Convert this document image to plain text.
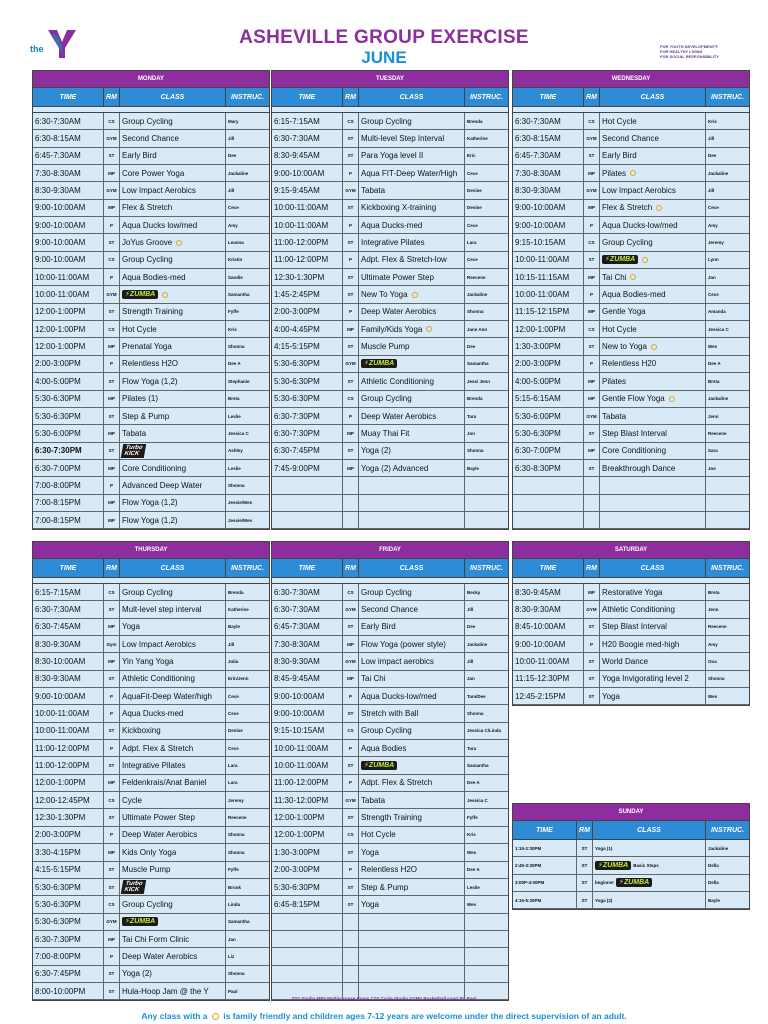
the
ASHEVILLE GROUP EXERCISE
JUNE
FOR YOUTH DEVELOPMENT®
FOR HEALTHY LIVING
FOR SOCIAL RESPONSIBILITY
MONDAY
TIME	RM	CLASS	INSTRUC.
6:30-7:30AM	CS Group Cycling	Mary
6:30-8:15AM	GYM Second Chance	Jill
6:45-7:30AM	ST Early Bird	Dee
7:30-8:30AM	MP Core Power Yoga	Jackaline
8:30-9:30AM	GYM Low Impact Aerobics	Jill
9:00-10:00AM	MP Flex & Stretch	Cece
9:00-10:00AM	P	Aqua Ducks low/med	Amy
9:00-10:00AM	ST JoYus Groove	Leanna
9:00-10:00AM	CS Group Cycling	Kristin
10:00-11:00AM	P	Aqua Bodies-med	Sandie
10:00-11:00AM	GYM	⚡ZUMBA	Samantha
12:00-1:00PM	ST Strength Training	Fyffe
12:00-1:00PM	CS Hot Cycle	Kris
12:00-1:00PM	MP Prenatal Yoga	Shonna
2:00-3:00PM	P	Relentless H2O	Dee A
4:00-5:00PM	ST Flow Yoga (1,2)	Stephanie
5:30-6:30PM	MP Pilates (1)	Breta
5:30-6:30PM	ST Step & Pump	Leslie
5:30-6:00PM	MP Tabata	Jessica C
6:30-7:30PM	ST	Turbo
KICK	Ashley
6:30-7:00PM	MP Core Conditioning	Leslie
7:00-8:00PM	P	Advanced Deep Water	Shonna
7:00-8:15PM	MP Flow Yoga (1,2)	Jessie/Wes
7:00-8:15PM	MP Flow Yoga (1,2)	Jessie/Wes
TUESDAY
TIME	RM	CLASS	INSTRUC.
6:15-7:15AM	CS Group Cycling	Brenda
6:30-7:30AM	ST Multi-level Step Interval	Katherine
8:30-9:45AM	ST Para Yoga level II	Eric
9:00-10:00AM	P	Aqua FIT-Deep Water/High	Cece
9:15-9:45AM	GYM Tabata	Denise
10:00-11:00AM	ST Kickboxing X-training	Denise
10:00-11:00AM	P	Aqua Ducks-med	Cece
11:00-12:00PM	ST Integrative Pilates	Lara
11:00-12:00PM	P	Adpt. Flex & Stretch-low	Cece
12:30-1:30PM	ST Ultimate Power Step	Reecene
1:45-2:45PM	ST New To Yoga	Jackaline
2:00-3:00PM	P	Deep Water Aerobics	Shonna
4:00-4:45PM	MP Family/Kids Yoga	Jane Ann
4:15-5:15PM	ST Muscle Pump	Dee
5:30-6:30PM	GYM	⚡ZUMBA	Samantha
5:30-6:30PM	ST Athletic Conditioning	Jess/ Jenn
5:30-6:30PM	CS Group Cycling	Brenda
6:30-7:30PM	P	Deep Water Aerobics	Tara
6:30-7:30PM	MP Muay Thai Fit	Jon
6:30-7:45PM	ST Yoga (2)	Shonna
7:45-9:00PM	MP Yoga (2) Advanced	Bayle
WEDNESDAY
TIME	RM	CLASS	INSTRUC.
6:30-7:30AM	CS Hot Cycle	Kris
6:30-8:15AM	GYM Second Chance	Jill
6:45-7:30AM	ST Early Bird	Dee
7:30-8:30AM	MP Pilates	Jackaline
8:30-9:30AM	GYM Low Impact Aerobics	Jill
9:00-10:00AM	MP Flex & Stretch	Cece
9:00-10:00AM	P	Aqua Ducks-low/med	Amy
9:15-10:15AM	CS Group Cycling	Jeremy
10:00-11:00AM	ST	⚡ZUMBA	Lynn
10:15-11:15AM	MP Tai Chi	Jan
10:00-11:00AM	P	Aqua Bodies-med	Cece
11:15-12:15PM	MP Gentle Yoga	Amanda
12:00-1:00PM	CS Hot Cycle	Jessica C
1:30-3:00PM	ST New to Yoga	Wes
2:00-3:00PM	P	Relentless H20	Dee A
4:00-5:00PM	MP Pilates	Breta
5:15-6:15AM	MP Gentle Flow Yoga	Jackaline
5:30-6:00PM	GYM Tabata	Jenn
5:30-6:30PM	ST Step Blast Interval	Reecene
6:30-7:00PM	MP Core Conditioning	Sara
6:30-8:30PM	ST Breakthrough Dance	Joe
THURSDAY
TIME	RM	CLASS	INSTRUC.
6:15-7:15AM	CS Group Cycling	Brenda
6:30-7:30AM	ST Mult-level step interval	Katherine
6:30-7:45AM	MP Yoga	Bayle
8:30-9:30AM	Gym Low Impact Aerobics	Jill
8:30-10:00AM	MP Yin Yang Yoga	Julia
8:30-9:30AM	ST Athletic Conditioning	Erin/Jenn
9:00-10:00AM	P	AquaFit-Deep Water/high	Cece
10:00-11:00AM	P	Aqua Ducks-med	Cece
10:00-11:00AM	ST Kickboxing	Denise
11:00-12:00PM	P	Adpt. Flex & Stretch	Cece
11:00-12:00PM	ST Integrative Pilates	Lara
12:00-1:00PM	MP Feldenkrais/Anat Baniel	Lara
12:00-12:45PM	CS Cycle	Jeremy
12:30-1:30PM	ST Ultimate Power Step	Reecene
2:00-3:00PM	P	Deep Water Aerobics	Shonna
3:30-4:15PM	MP Kids Only Yoga	Shonna
4:15-5:15PM	ST Muscle Pump	Fyffe
5:30-6:30PM	ST	Turbo
KICK	Brook
5:30-6:30PM	CS Group Cycling	Linda
5:30-6:30PM	GYM	⚡ZUMBA	Samantha
6:30-7:30PM	MP Tai Chi Form Clinic	Jan
7:00-8:00PM	P	Deep Water Aerobics	Liz
6:30-7:45PM	ST Yoga (2)	Shonna
8:00-10:00PM	ST Hula-Hoop Jam @ the Y	Paul
FRIDAY
TIME	RM	CLASS	INSTRUC.
6:30-7:30AM	CS Group Cycling	Becky
6:30-7:30AM	GYM Second Chance	Jill
6:45-7:30AM	ST Early Bird	Dee
7:30-8:30AM	MP Flow Yoga (power style)	Jackaline
8:30-9:30AM	GYM Low impact aerobics	Jill
8:45-9:45AM	MP Tai Chi	Jan
9:00-10:00AM	P	Aqua Ducks-low/med	Tara/Dee
9:00-10:00AM	ST Stretch with Ball	Shonna
9:15-10:15AM	CS Group Cycling	Jessica C/Linda
10:00-11:00AM	P	Aqua Bodies	Tara
10:00-11:00AM	ST	⚡ZUMBA	Samantha
11:00-12:00PM	P	Adpt. Flex & Stretch	Dee A
11:30-12:00PM	GYM Tabata	Jessica C
12:00-1:00PM	ST Strength Training	Fyffe
12:00-1:00PM	CS Hot Cycle	Kris
1:30-3:00PM	ST Yoga	Wes
2:00-3:00PM	P	Relentless H2O	Dee A
5:30-6:30PM	ST Step & Pump	Leslie
6:45-8:15PM	ST Yoga	Wes
SATURDAY
TIME	RM	CLASS	INSTRUC.
8:30-9:45AM	MP Restorative Yoga	Breta
8:30-9:30AM	GYM Athletic Conditioning	Jenn
8:45-10:00AM	ST Step Blast Interval	Reecene
9:00-10:00AM	P	H20 Boogie med-high	Amy
10:00-11:00AM	ST World Dance	Ona
11:15-12:30PM	ST Yoga Invigorating level 2	Shonna
12:45-2:15PM	ST Yoga	Wes
SUNDAY
TIME	RM	CLASS	INSTRUC.
1:15-2:30PM	ST	Yoga (1)	Jackaline
2:45-3:30PM	ST	⚡ZUMBA	Basic Steps	Della
3:00P-4:00PM	ST	beginner ⚡ZUMBA	Della
4:15-5:30PM	ST	Yoga (2)	Bayle
ST= Studio MP= Multipurpose Room CS= Cycle Studio GYM= Basketball court P= Pool
Any class with a is family friendly and children ages 7-12 years are welcome under the direct supervision of an adult.
